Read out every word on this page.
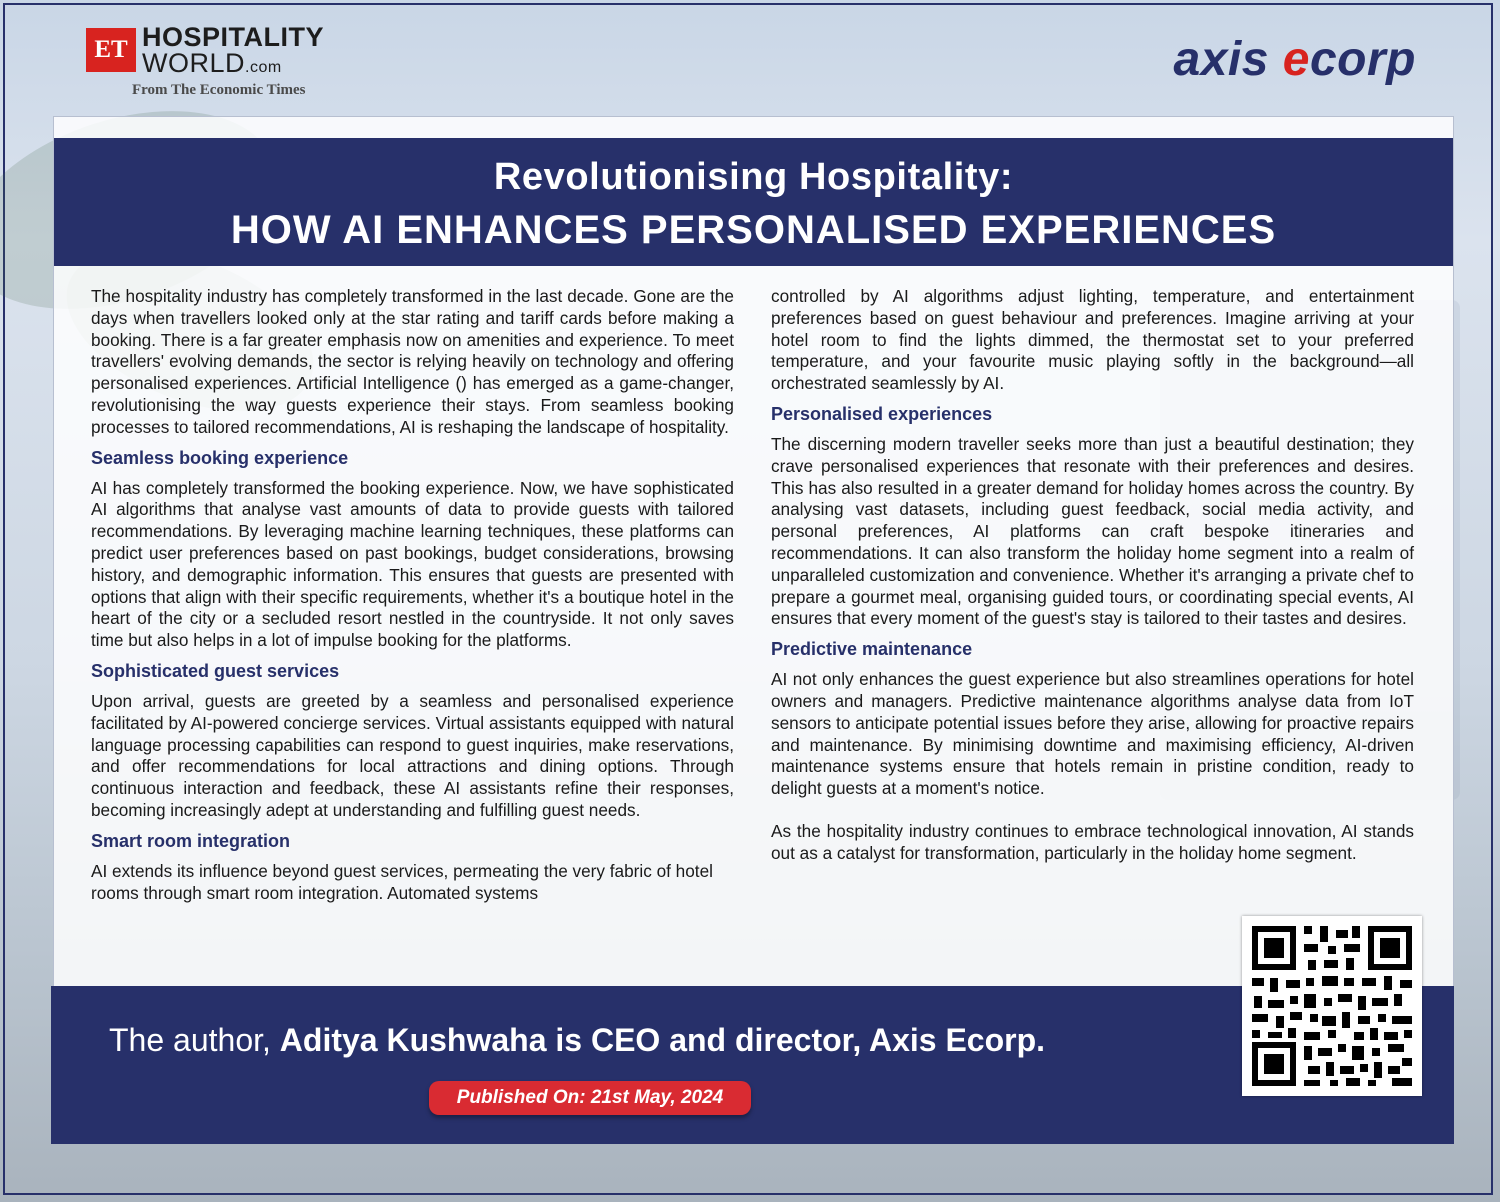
ET HOSPITALITY
WORLD.com
From The Economic Times
axis ecorp
Revolutionising Hospitality:
HOW AI ENHANCES PERSONALISED EXPERIENCES

The hospitality industry has completely transformed in the last decade. Gone are the days when travellers looked only at the star rating and tariff cards before making a booking. There is a far greater emphasis now on amenities and experience. To meet travellers' evolving demands, the sector is relying heavily on technology and offering personalised experiences. Artificial Intelligence () has emerged as a game-changer, revolutionising the way guests experience their stays. From seamless booking processes to tailored recommendations, AI is reshaping the landscape of hospitality.

Seamless booking experience

AI has completely transformed the booking experience. Now, we have sophisticated AI algorithms that analyse vast amounts of data to provide guests with tailored recommendations. By leveraging machine learning techniques, these platforms can predict user preferences based on past bookings, budget considerations, browsing history, and demographic information. This ensures that guests are presented with options that align with their specific requirements, whether it's a boutique hotel in the heart of the city or a secluded resort nestled in the countryside. It not only saves time but also helps in a lot of impulse booking for the platforms.

Sophisticated guest services

Upon arrival, guests are greeted by a seamless and personalised experience facilitated by AI-powered concierge services. Virtual assistants equipped with natural language processing capabilities can respond to guest inquiries, make reservations, and offer recommendations for local attractions and dining options. Through continuous interaction and feedback, these AI assistants refine their responses, becoming increasingly adept at understanding and fulfilling guest needs.

Smart room integration

AI extends its influence beyond guest services, permeating the very fabric of hotel rooms through smart room integration. Automated systems

controlled by AI algorithms adjust lighting, temperature, and entertainment preferences based on guest behaviour and preferences. Imagine arriving at your hotel room to find the lights dimmed, the thermostat set to your preferred temperature, and your favourite music playing softly in the background—all orchestrated seamlessly by AI.

Personalised experiences

The discerning modern traveller seeks more than just a beautiful destination; they crave personalised experiences that resonate with their preferences and desires. This has also resulted in a greater demand for holiday homes across the country. By analysing vast datasets, including guest feedback, social media activity, and personal preferences, AI platforms can craft bespoke itineraries and recommendations. It can also transform the holiday home segment into a realm of unparalleled customization and convenience. Whether it's arranging a private chef to prepare a gourmet meal, organising guided tours, or coordinating special events, AI ensures that every moment of the guest's stay is tailored to their tastes and desires.

Predictive maintenance

AI not only enhances the guest experience but also streamlines operations for hotel owners and managers. Predictive maintenance algorithms analyse data from IoT sensors to anticipate potential issues before they arise, allowing for proactive repairs and maintenance. By minimising downtime and maximising efficiency, AI-driven maintenance systems ensure that hotels remain in pristine condition, ready to delight guests at a moment's notice.

As the hospitality industry continues to embrace technological innovation, AI stands out as a catalyst for transformation, particularly in the holiday home segment.

The author, Aditya Kushwaha is CEO and director, Axis Ecorp.
Published On: 21st May, 2024
